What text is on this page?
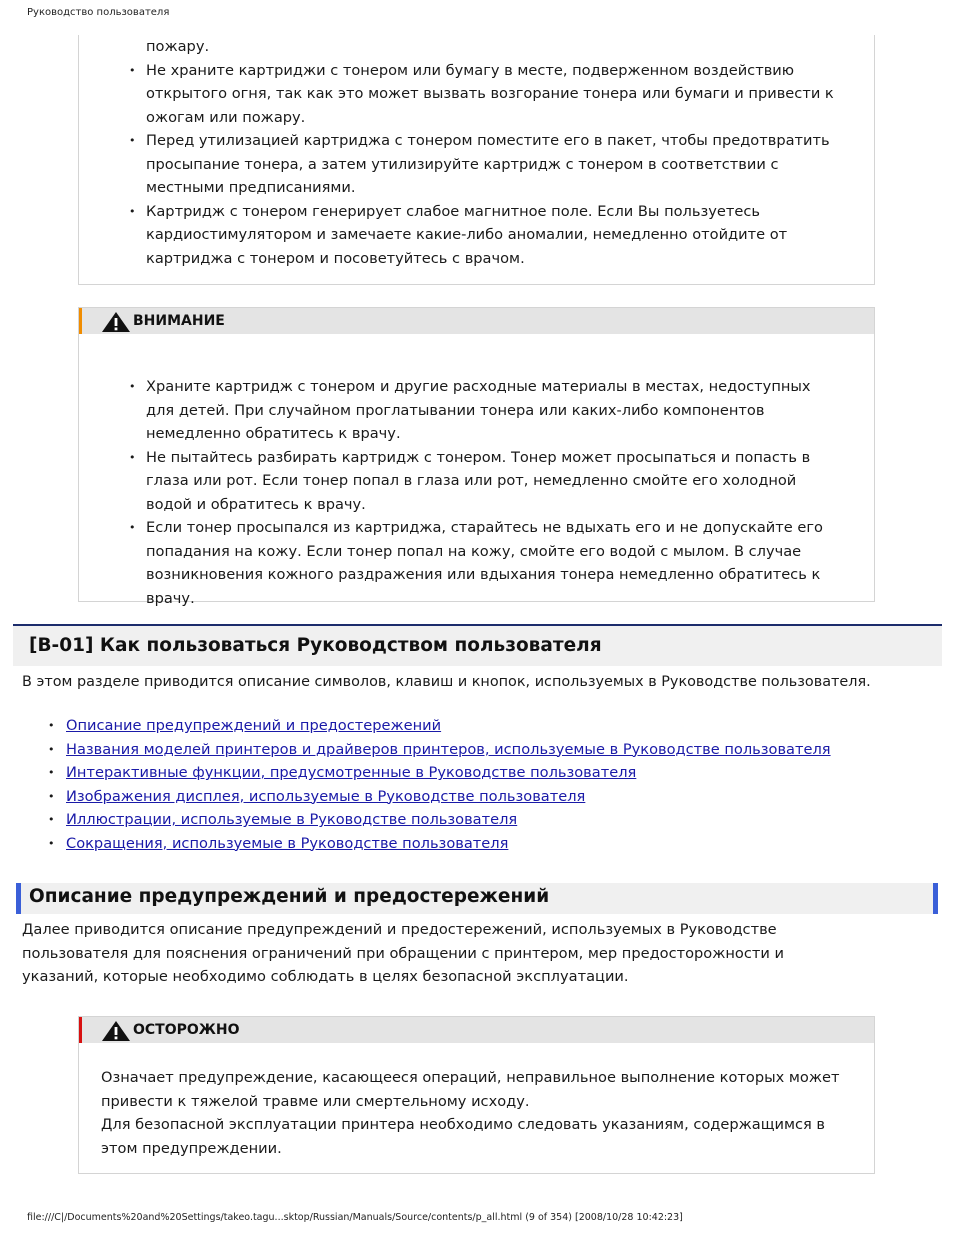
Руководство пользователя
пожару.
• Не храните картриджи с тонером или бумагу в месте, подверженном воздействию открытого огня, так как это может вызвать возгорание тонера или бумаги и привести к ожогам или пожару.
• Перед утилизацией картриджа с тонером поместите его в пакет, чтобы предотвратить просыпание тонера, а затем утилизируйте картридж с тонером в соответствии с местными предписаниями.
• Картридж с тонером генерирует слабое магнитное поле. Если Вы пользуетесь кардиостимулятором и замечаете какие-либо аномалии, немедленно отойдите от картриджа с тонером и посоветуйтесь с врачом.
ВНИМАНИЕ
• Храните картридж с тонером и другие расходные материалы в местах, недоступных для детей. При случайном проглатывании тонера или каких-либо компонентов немедленно обратитесь к врачу.
• Не пытайтесь разбирать картридж с тонером. Тонер может просыпаться и попасть в глаза или рот. Если тонер попал в глаза или рот, немедленно смойте его холодной водой и обратитесь к врачу.
• Если тонер просыпался из картриджа, старайтесь не вдыхать его и не допускайте его попадания на кожу. Если тонер попал на кожу, смойте его водой с мылом. В случае возникновения кожного раздражения или вдыхания тонера немедленно обратитесь к врачу.
[B-01] Как пользоваться Руководством пользователя
В этом разделе приводится описание символов, клавиш и кнопок, используемых в Руководстве пользователя.
• Описание предупреждений и предостережений
• Названия моделей принтеров и драйверов принтеров, используемые в Руководстве пользователя
• Интерактивные функции, предусмотренные в Руководстве пользователя
• Изображения дисплея, используемые в Руководстве пользователя
• Иллюстрации, используемые в Руководстве пользователя
• Сокращения, используемые в Руководстве пользователя
Описание предупреждений и предостережений
Далее приводится описание предупреждений и предостережений, используемых в Руководстве
пользователя для пояснения ограничений при обращении с принтером, мер предосторожности и
указаний, которые необходимо соблюдать в целях безопасной эксплуатации.
ОСТОРОЖНО

Означает предупреждение, касающееся операций, неправильное выполнение которых может привести к тяжелой травме или смертельному исходу.

Для безопасной эксплуатации принтера необходимо следовать указаниям, содержащимся в этом предупреждении.

file:///C|/Documents%20and%20Settings/takeo.tagu...sktop/Russian/Manuals/Source/contents/p_all.html (9 of 354) [2008/10/28 10:42:23]
